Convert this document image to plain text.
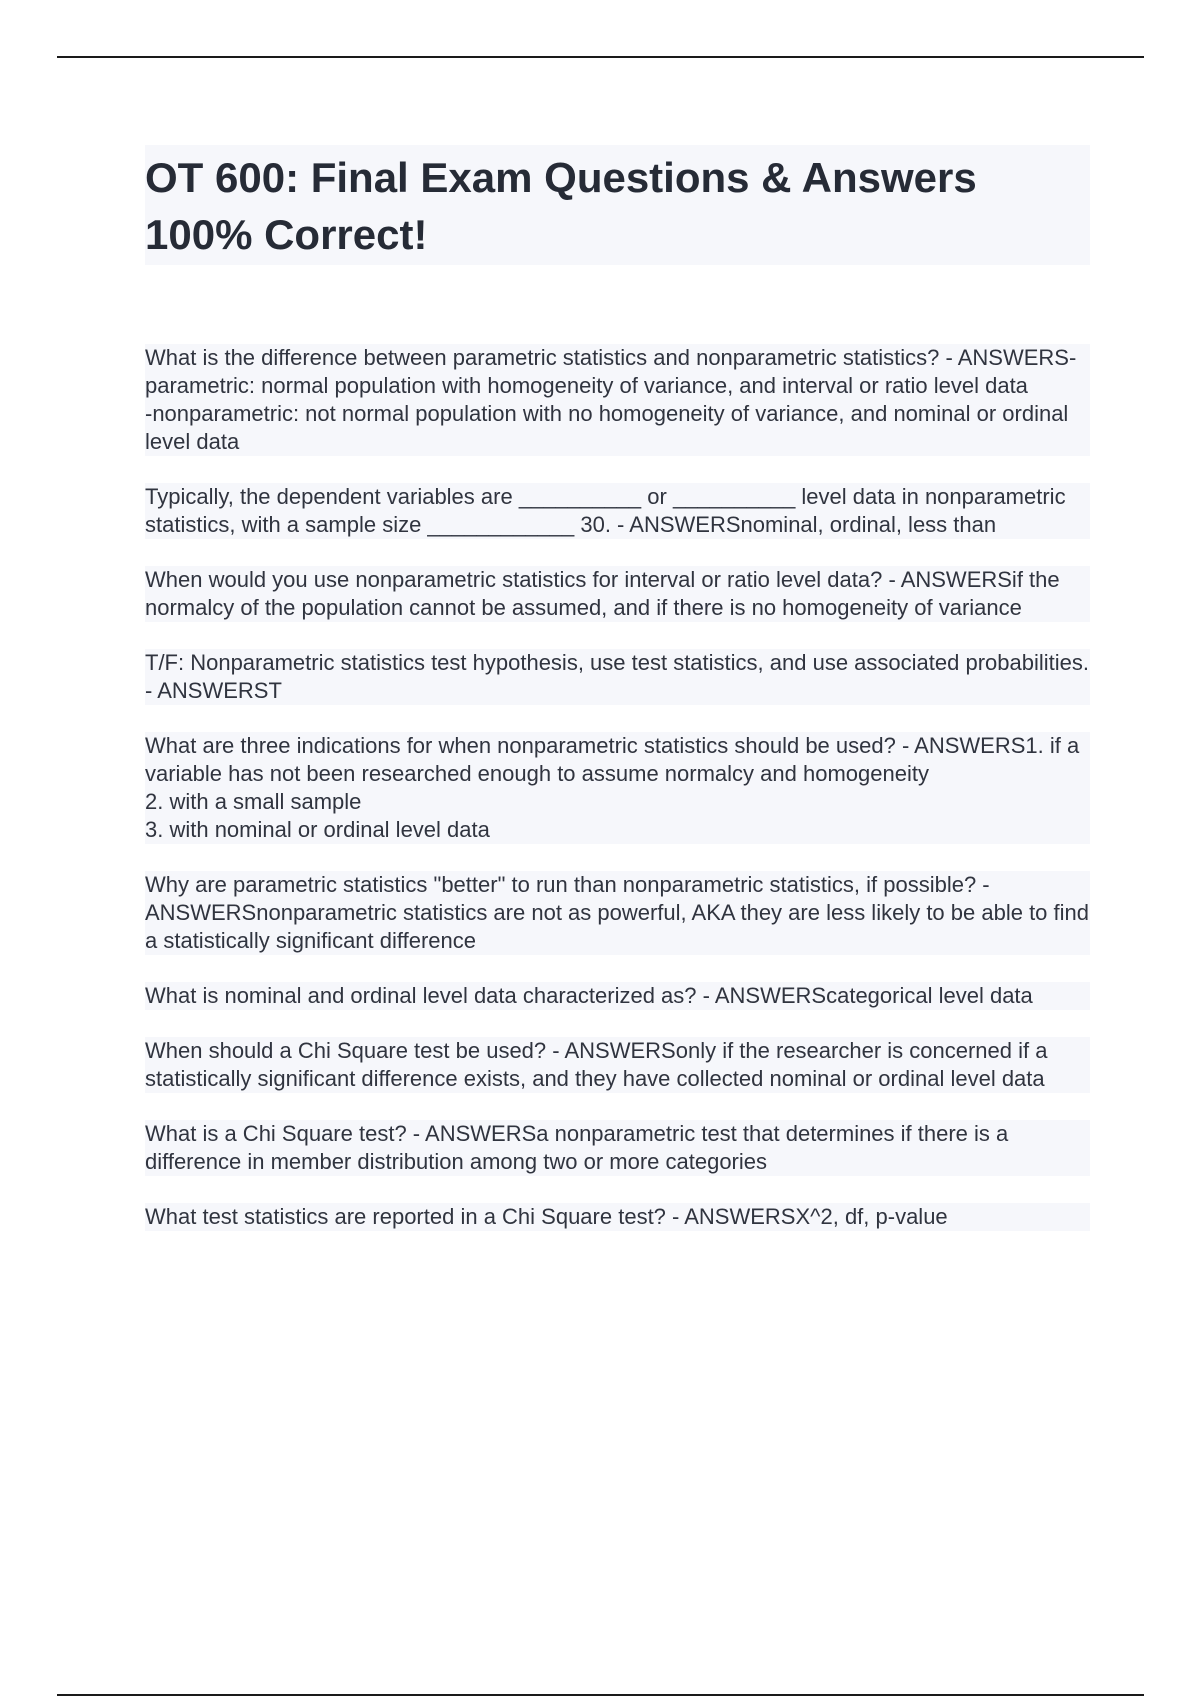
OT 600: Final Exam Questions & Answers 100% Correct!
What is the difference between parametric statistics and nonparametric statistics? - ANSWERS-parametric: normal population with homogeneity of variance, and interval or ratio level data
-nonparametric: not normal population with no homogeneity of variance, and nominal or ordinal level data
Typically, the dependent variables are __________ or __________ level data in nonparametric statistics, with a sample size ____________ 30. - ANSWERSnominal, ordinal, less than
When would you use nonparametric statistics for interval or ratio level data? - ANSWERSif the normalcy of the population cannot be assumed, and if there is no homogeneity of variance
T/F: Nonparametric statistics test hypothesis, use test statistics, and use associated probabilities. - ANSWERST
What are three indications for when nonparametric statistics should be used? - ANSWERS1. if a variable has not been researched enough to assume normalcy and homogeneity
2. with a small sample
3. with nominal or ordinal level data
Why are parametric statistics "better" to run than nonparametric statistics, if possible? - ANSWERSnonparametric statistics are not as powerful, AKA they are less likely to be able to find a statistically significant difference
What is nominal and ordinal level data characterized as? - ANSWERScategorical level data
When should a Chi Square test be used? - ANSWERSonly if the researcher is concerned if a statistically significant difference exists, and they have collected nominal or ordinal level data
What is a Chi Square test? - ANSWERSa nonparametric test that determines if there is a difference in member distribution among two or more categories
What test statistics are reported in a Chi Square test? - ANSWERSX^2, df, p-value
